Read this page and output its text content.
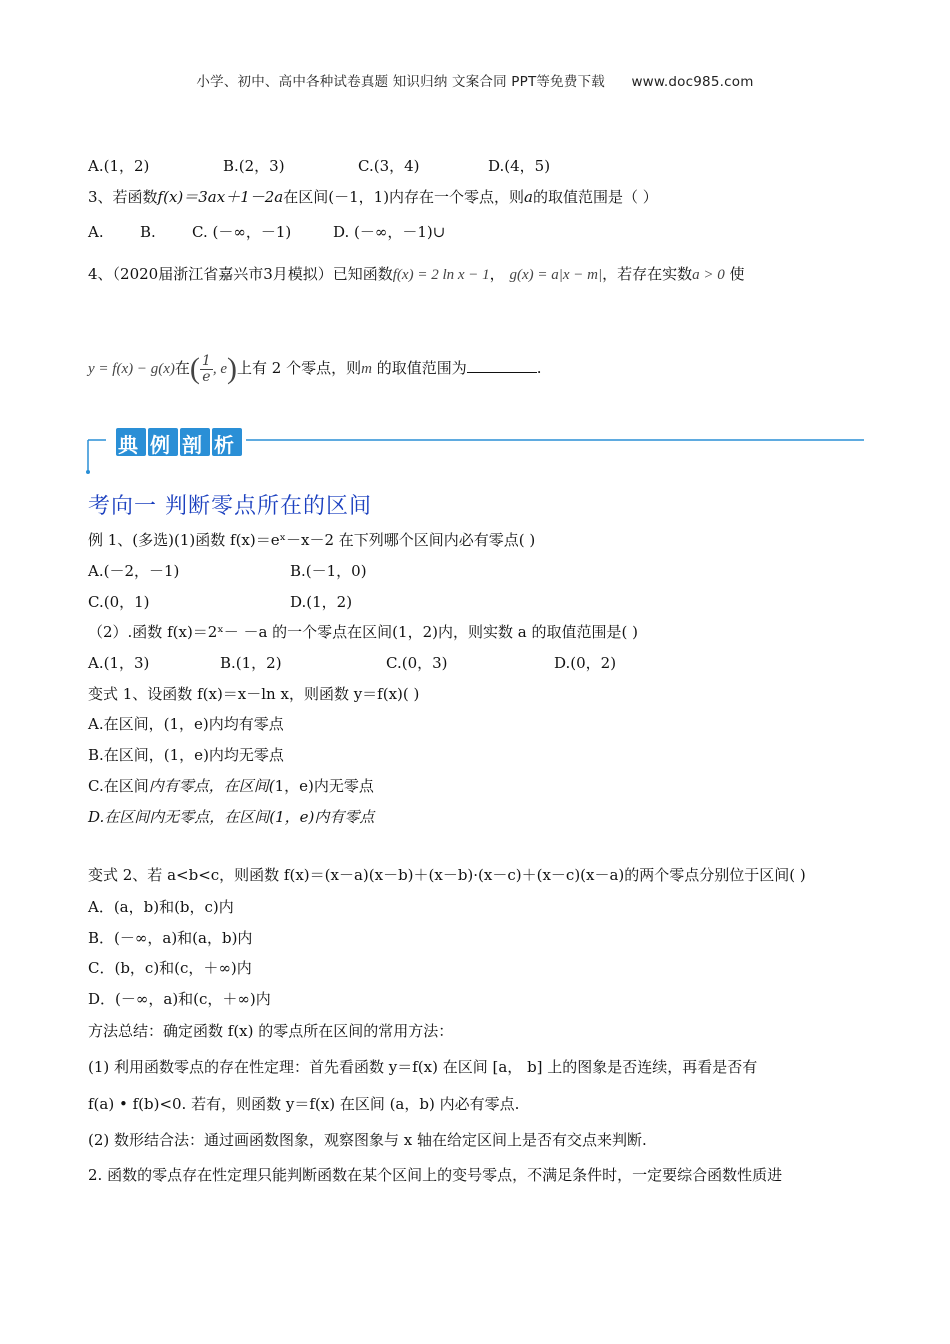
小学、初中、高中各种试卷真题 知识归纳 文案合同 PPT等免费下载 www.doc985.com
A.(1，2)	B.(2，3)	C.(3，4)	D.(4，5)
3、若函数f(x)＝3ax＋1－2a在区间(－1，1)内存在一个零点，则a的取值范围是（ ）
A. B. C. (－∞，－1)	D. (－∞，－1)∪
4、（2020届浙江省嘉兴市3月模拟）已知函数f(x) = 2 ln x − 1， g(x) = a|x − m|，若存在实数a > 0 使
y = f(x) − g(x)在( $\frac{1}{e}$ , e)上有 2 个零点，则m 的取值范围为	.
典例剖析
考向一 判断零点所在的区间
例 1、(多选)(1)函数 f(x)＝eˣ－x－2 在下列哪个区间内必有零点( )
A.(－2，－1)	B.(－1，0)
C.(0，1)	D.(1，2)
（2）.函数 f(x)＝2ˣ－ －a 的一个零点在区间(1，2)内，则实数 a 的取值范围是( )
A.(1，3)	B.(1，2)	C.(0，3)	D.(0，2)
变式 1、设函数 f(x)＝x－ln x，则函数 y＝f(x)( )
A.在区间，(1，e)内均有零点
B.在区间，(1，e)内均无零点
C.在区间内有零点，在区间(1，e)内无零点
D.在区间内无零点，在区间(1，e)内有零点
变式 2、若 a<b<c，则函数 f(x)＝(x－a)(x－b)＋(x－b)·(x－c)＋(x－c)(x－a)的两个零点分别位于区间( )
A．(a，b)和(b，c)内
B．(－∞，a)和(a，b)内
C．(b，c)和(c，＋∞)内
D．(－∞，a)和(c，＋∞)内
方法总结：确定函数 f(x) 的零点所在区间的常用方法：
(1) 利用函数零点的存在性定理：首先看函数 y＝f(x) 在区间 [a， b] 上的图象是否连续，再看是否有
f(a) • f(b)<0. 若有，则函数 y＝f(x) 在区间 (a，b) 内必有零点.
(2) 数形结合法：通过画函数图象，观察图象与 x 轴在给定区间上是否有交点来判断.
2. 函数的零点存在性定理只能判断函数在某个区间上的变号零点，不满足条件时，一定要综合函数性质进
